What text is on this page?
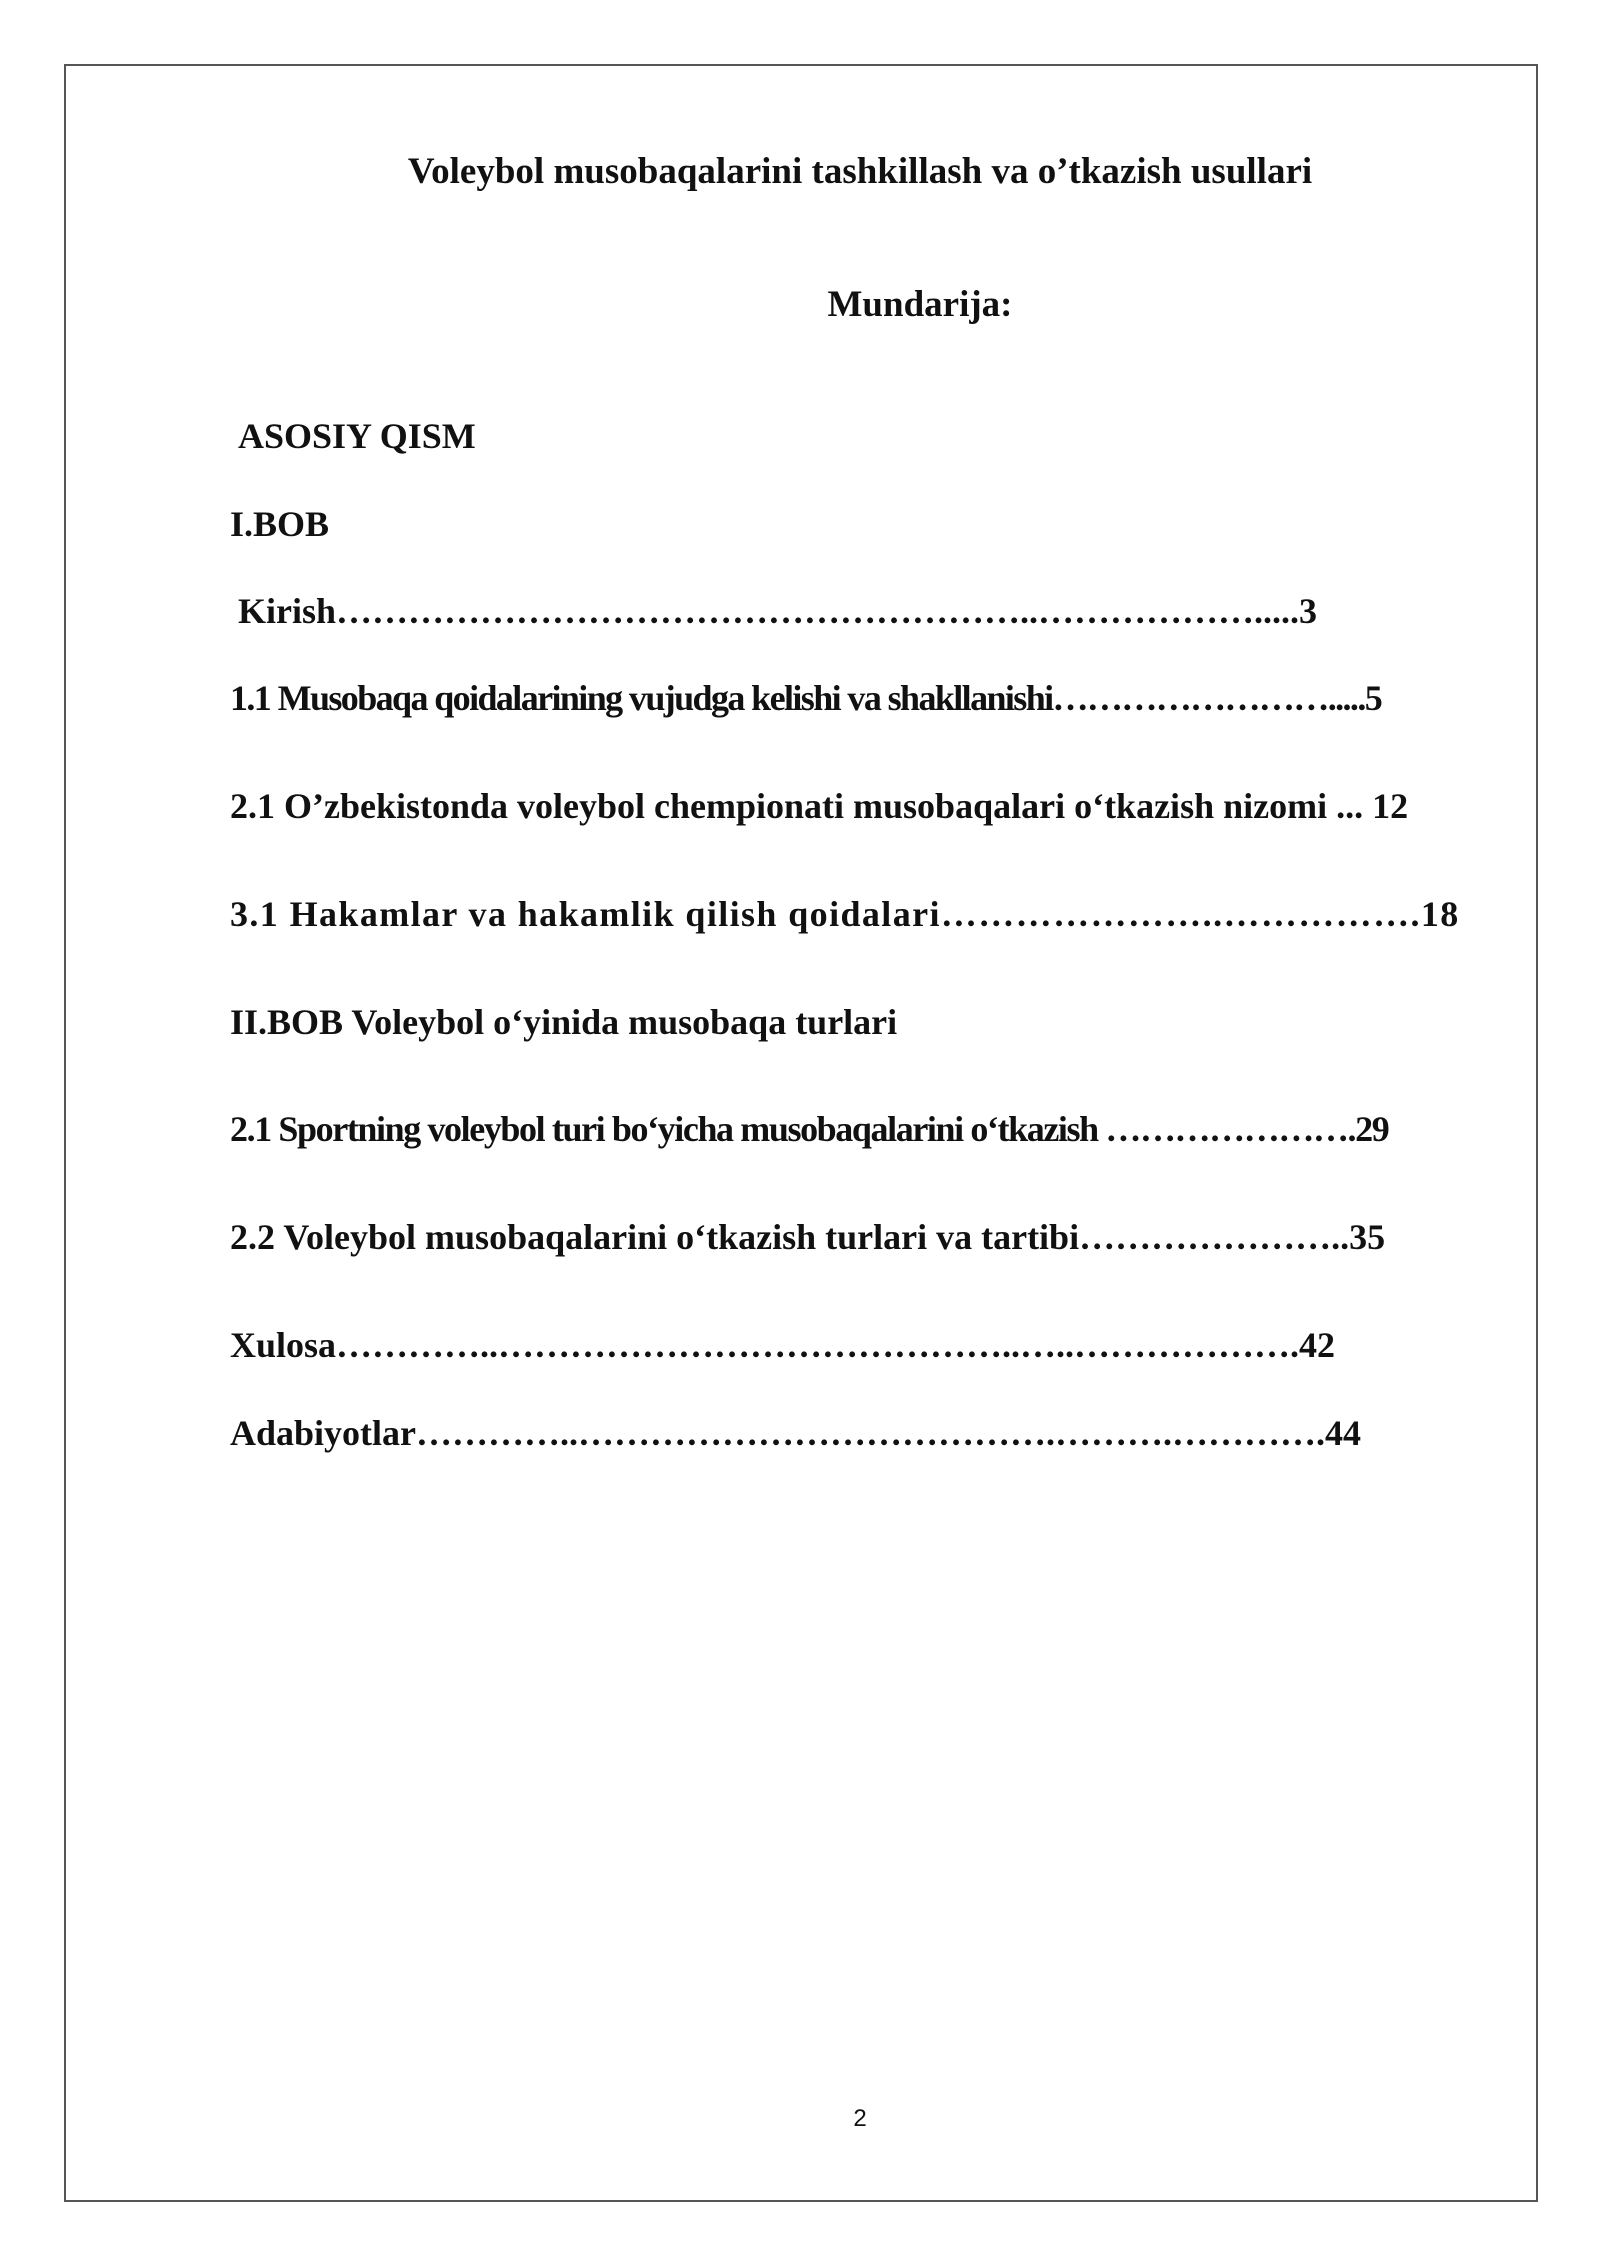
Voleybol musobaqalarini tashkillash va o’tkazish usullari
Mundarija:
ASOSIY QISM
I.BOB
Kirish…………………………………………………..……………….....3
1.1 Musobaqa qoidalarining vujudga kelishi va shakllanishi…………………….....5
2.1 O’zbekistonda voleybol chempionati musobaqalari o‘tkazish nizomi ... 12
3.1 Hakamlar va hakamlik qilish qoidalari…………………..…………….18
II.BOB Voleybol o‘yinida musobaqa turlari
2.1 Sportning voleybol turi bo‘yicha musobaqalarini o‘tkazish ………………….29
2.2 Voleybol musobaqalarini o‘tkazish turlari va tartibi…………………..35
Xulosa…………..……………………………………..…..……………….42
Adabiyotlar…………..………………………………….……….………….44
2
